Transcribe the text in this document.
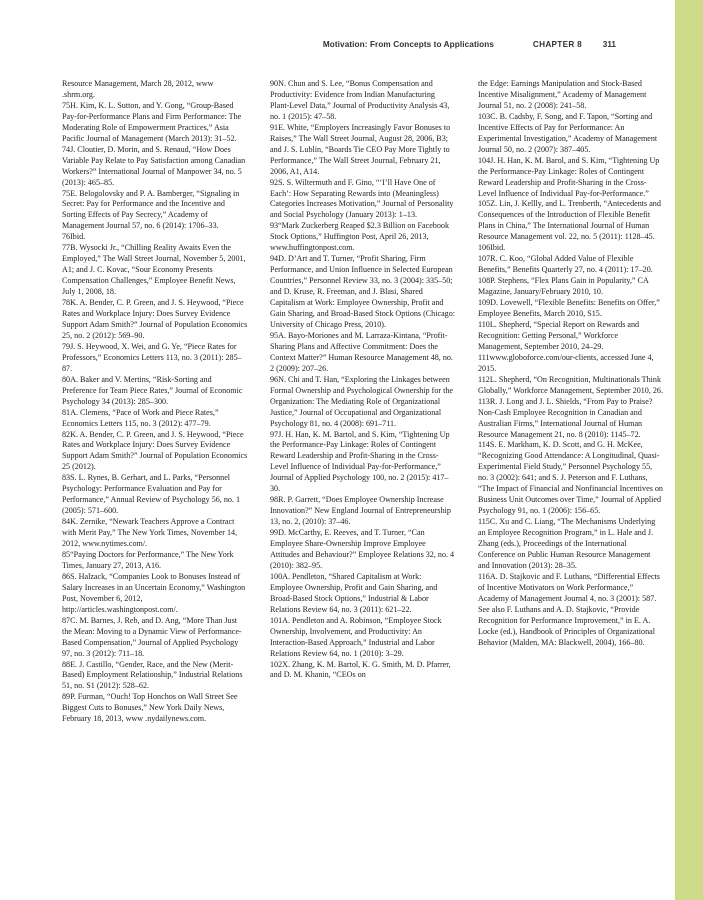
Motivation: From Concepts to Applications	CHAPTER 8	311

Resource Management, March 28, 2012, www .shrm.org.

75H. Kim, K. L. Sutton, and Y. Gong, “Group-Based Pay-for-Performance Plans and Firm Performance: The Moderating Role of Empowerment Practices,” Asia Pacific Journal of Management (March 2013): 31–52.

74J. Cloutier, D. Morin, and S. Renaud, “How Does Variable Pay Relate to Pay Satisfaction among Canadian Workers?” International Journal of Manpower 34, no. 5 (2013): 465–85.

75E. Belogolovsky and P. A. Bamberger, “Signaling in Secret: Pay for Performance and the Incentive and Sorting Effects of Pay Secrecy,” Academy of Management Journal 57, no. 6 (2014): 1706–33.

76Ibid.

77B. Wysocki Jr., “Chilling Reality Awaits Even the Employed,” The Wall Street Journal, November 5, 2001, A1; and J. C. Kovac, “Sour Economy Presents Compensation Challenges,” Employee Benefit News, July 1, 2008, 18.

78K. A. Bender, C. P. Green, and J. S. Heywood, “Piece Rates and Workplace Injury: Does Survey Evidence Support Adam Smith?” Journal of Population Economics 25, no. 2 (2012): 569–90.

79J. S. Heywood, X. Wei, and G. Ye, “Piece Rates for Professors,” Economics Letters 113, no. 3 (2011): 285–87.

80A. Baker and V. Mertins, “Risk-Sorting and Preference for Team Piece Rates,” Journal of Economic Psychology 34 (2013): 285–300.

81A. Clemens, “Pace of Work and Piece Rates,” Economics Letters 115, no. 3 (2012): 477–79.

82K. A. Bender, C. P. Green, and J. S. Heywood, “Piece Rates and Workplace Injury: Does Survey Evidence Support Adam Smith?” Journal of Population Economics 25 (2012).

83S. L. Rynes, B. Gerhart, and L. Parks, “Personnel Psychology: Performance Evaluation and Pay for Performance,” Annual Review of Psychology 56, no. 1 (2005): 571–600.

84K. Zernike, “Newark Teachers Approve a Contract with Merit Pay,” The New York Times, November 14, 2012, www.nytimes.com/.

85“Paying Doctors for Performance,” The New York Times, January 27, 2013, A16.

86S. Halzack, “Companies Look to Bonuses Instead of Salary Increases in an Uncertain Economy,” Washington Post, November 6, 2012, http://articles.washingtonpost.com/.

87C. M. Barnes, J. Reb, and D. Ang, “More Than Just the Mean: Moving to a Dynamic View of Performance-Based Compensation,” Journal of Applied Psychology 97, no. 3 (2012): 711–18.

88E. J. Castillo, “Gender, Race, and the New (Merit-Based) Employment Relationship,” Industrial Relations 51, no. S1 (2012): 528–62.

89P. Furman, “Ouch! Top Honchos on Wall Street See Biggest Cuts to Bonuses,” New York Daily News, February 18, 2013, www .nydailynews.com.

90N. Chun and S. Lee, “Bonus Compensation and Productivity: Evidence from Indian Manufacturing Plant-Level Data,” Journal of Productivity Analysis 43, no. 1 (2015): 47–58.

91E. White, “Employers Increasingly Favor Bonuses to Raises,” The Wall Street Journal, August 28, 2006, B3; and J. S. Lublin, “Boards Tie CEO Pay More Tightly to Performance,” The Wall Street Journal, February 21, 2006, A1, A14.

92S. S. Wiltermuth and F. Gino, “‘I’ll Have One of Each’: How Separating Rewards into (Meaningless) Categories Increases Motivation,” Journal of Personality and Social Psychology (January 2013): 1–13.

93“Mark Zuckerberg Reaped $2.3 Billion on Facebook Stock Options,” Huffington Post, April 26, 2013, www.huffingtonpost.com.

94D. D’Art and T. Turner, “Profit Sharing, Firm Performance, and Union Influence in Selected European Countries,” Personnel Review 33, no. 3 (2004): 335–50; and D. Kruse, R. Freeman, and J. Blasi, Shared Capitalism at Work: Employee Ownership, Profit and Gain Sharing, and Broad-Based Stock Options (Chicago: University of Chicago Press, 2010).

95A. Bayo-Moriones and M. Larraza-Kintana, “Profit-Sharing Plans and Affective Commitment: Does the Context Matter?” Human Resource Management 48, no. 2 (2009): 207–26.

96N. Chi and T. Han, “Exploring the Linkages between Formal Ownership and Psychological Ownership for the Organization: The Mediating Role of Organizational Justice,” Journal of Occupational and Organizational Psychology 81, no. 4 (2008): 691–711.

97J. H. Han, K. M. Bartol, and S. Kim, “Tightening Up the Performance-Pay Linkage: Roles of Contingent Reward Leadership and Profit-Sharing in the Cross-Level Influence of Individual Pay-for-Performance,” Journal of Applied Psychology 100, no. 2 (2015): 417–30.

98R. P. Garrett, “Does Employee Ownership Increase Innovation?” New England Journal of Entrepreneurship 13, no. 2, (2010): 37–46.

99D. McCarthy, E. Reeves, and T. Turner, “Can Employee Share-Ownership Improve Employee Attitudes and Behaviour?” Employee Relations 32, no. 4 (2010): 382–95.

100A. Pendleton, “Shared Capitalism at Work: Employee Ownership, Profit and Gain Sharing, and Broad-Based Stock Options,” Industrial & Labor Relations Review 64, no. 3 (2011): 621–22.

101A. Pendleton and A. Robinson, “Employee Stock Ownership, Involvement, and Productivity: An Interaction-Based Approach,” Industrial and Labor Relations Review 64, no. 1 (2010): 3–29.

102X. Zhang, K. M. Bartol, K. G. Smith, M. D. Pfarrer, and D. M. Khanin, “CEOs on

the Edge: Earnings Manipulation and Stock-Based Incentive Misalignment,” Academy of Management Journal 51, no. 2 (2008): 241–58.

103C. B. Cadsby, F. Song, and F. Tapon, “Sorting and Incentive Effects of Pay for Performance: An Experimental Investigation,” Academy of Management Journal 50, no. 2 (2007): 387–405.

104J. H. Han, K. M. Barol, and S. Kim, “Tightening Up the Performance-Pay Linkage: Roles of Contingent Reward Leadership and Profit-Sharing in the Cross-Level Influence of Individual Pay-for-Performance.”

105Z. Lin, J. Kellly, and L. Trenberth, “Antecedents and Consequences of the Introduction of Flexible Benefit Plans in China,” The International Journal of Human Resource Management vol. 22, no. 5 (2011): 1128–45.

106Ibid.

107R. C. Koo, “Global Added Value of Flexible Benefits,” Benefits Quarterly 27, no. 4 (2011): 17–20.

108P. Stephens, “Flex Plans Gain in Popularity,” CA Magazine, January/February 2010, 10.

109D. Lovewell, “Flexible Benefits: Benefits on Offer,” Employee Benefits, March 2010, S15.

110L. Shepherd, “Special Report on Rewards and Recognition: Getting Personal,” Workforce Management, September 2010, 24–29.

111www.globoforce.com/our-clients, accessed June 4, 2015.

112L. Shepherd, “On Recognition, Multinationals Think Globally,” Workforce Management, September 2010, 26.

113R. J. Long and J. L. Shields, “From Pay to Praise? Non-Cash Employee Recognition in Canadian and Australian Firms,” International Journal of Human Resource Management 21, no. 8 (2010): 1145–72.

114S. E. Markham, K. D. Scott, and G. H. McKee, “Recognizing Good Attendance: A Longitudinal, Quasi-Experimental Field Study,” Personnel Psychology 55, no. 3 (2002): 641; and S. J. Peterson and F. Luthans, “The Impact of Financial and Nonfinancial Incentives on Business Unit Outcomes over Time,” Journal of Applied Psychology 91, no. 1 (2006): 156–65.

115C. Xu and C. Liang, “The Mechanisms Underlying an Employee Recognition Program,” in L. Hale and J. Zhang (eds.), Proceedings of the International Conference on Public Human Resource Management and Innovation (2013): 28–35.

116A. D. Stajkovic and F. Luthans, “Differential Effects of Incentive Motivators on Work Performance,” Academy of Management Journal 4, no. 3 (2001): 587. See also F. Luthans and A. D. Stajkovic, “Provide Recognition for Performance Improvement,” in E. A. Locke (ed.), Handbook of Principles of Organizational Behavior (Malden, MA: Blackwell, 2004), 166–80.
